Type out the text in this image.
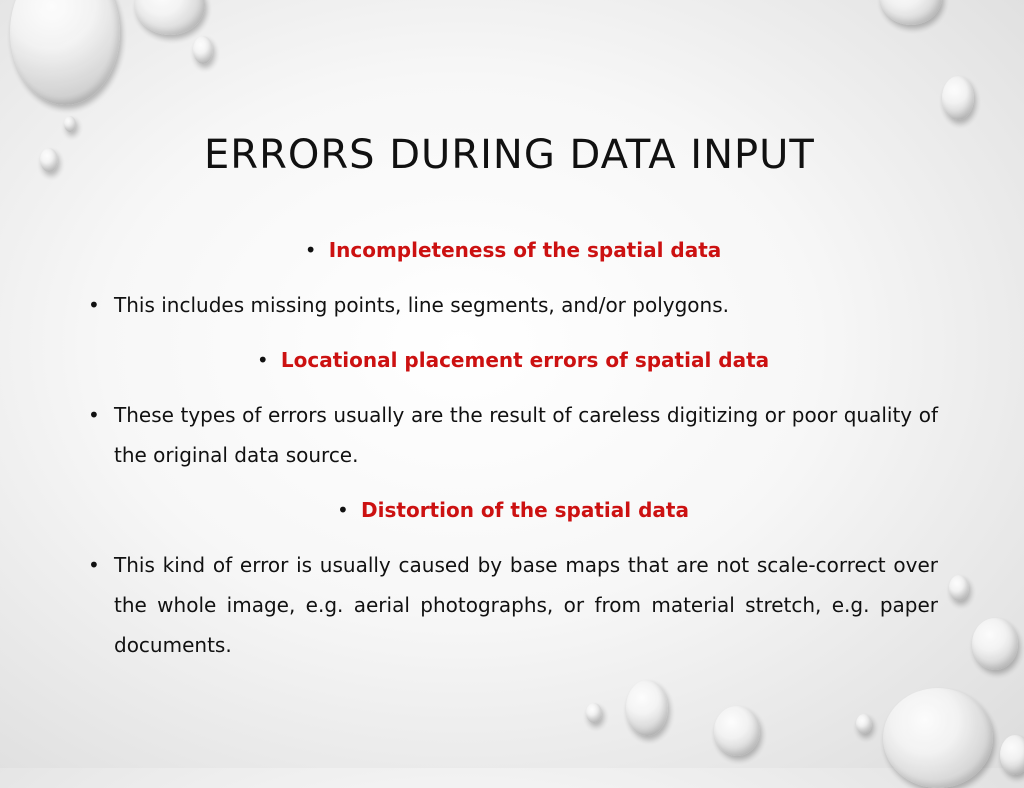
ERRORS DURING DATA INPUT
• Incompleteness of the spatial data
• This includes missing points, line segments, and/or polygons.
• Locational placement errors of spatial data
• These types of errors usually are the result of careless digitizing or poor quality of the original data source.
• Distortion of the spatial data
• This kind of error is usually caused by base maps that are not scale-correct over the whole image, e.g. aerial photographs, or from material stretch, e.g. paper documents.
